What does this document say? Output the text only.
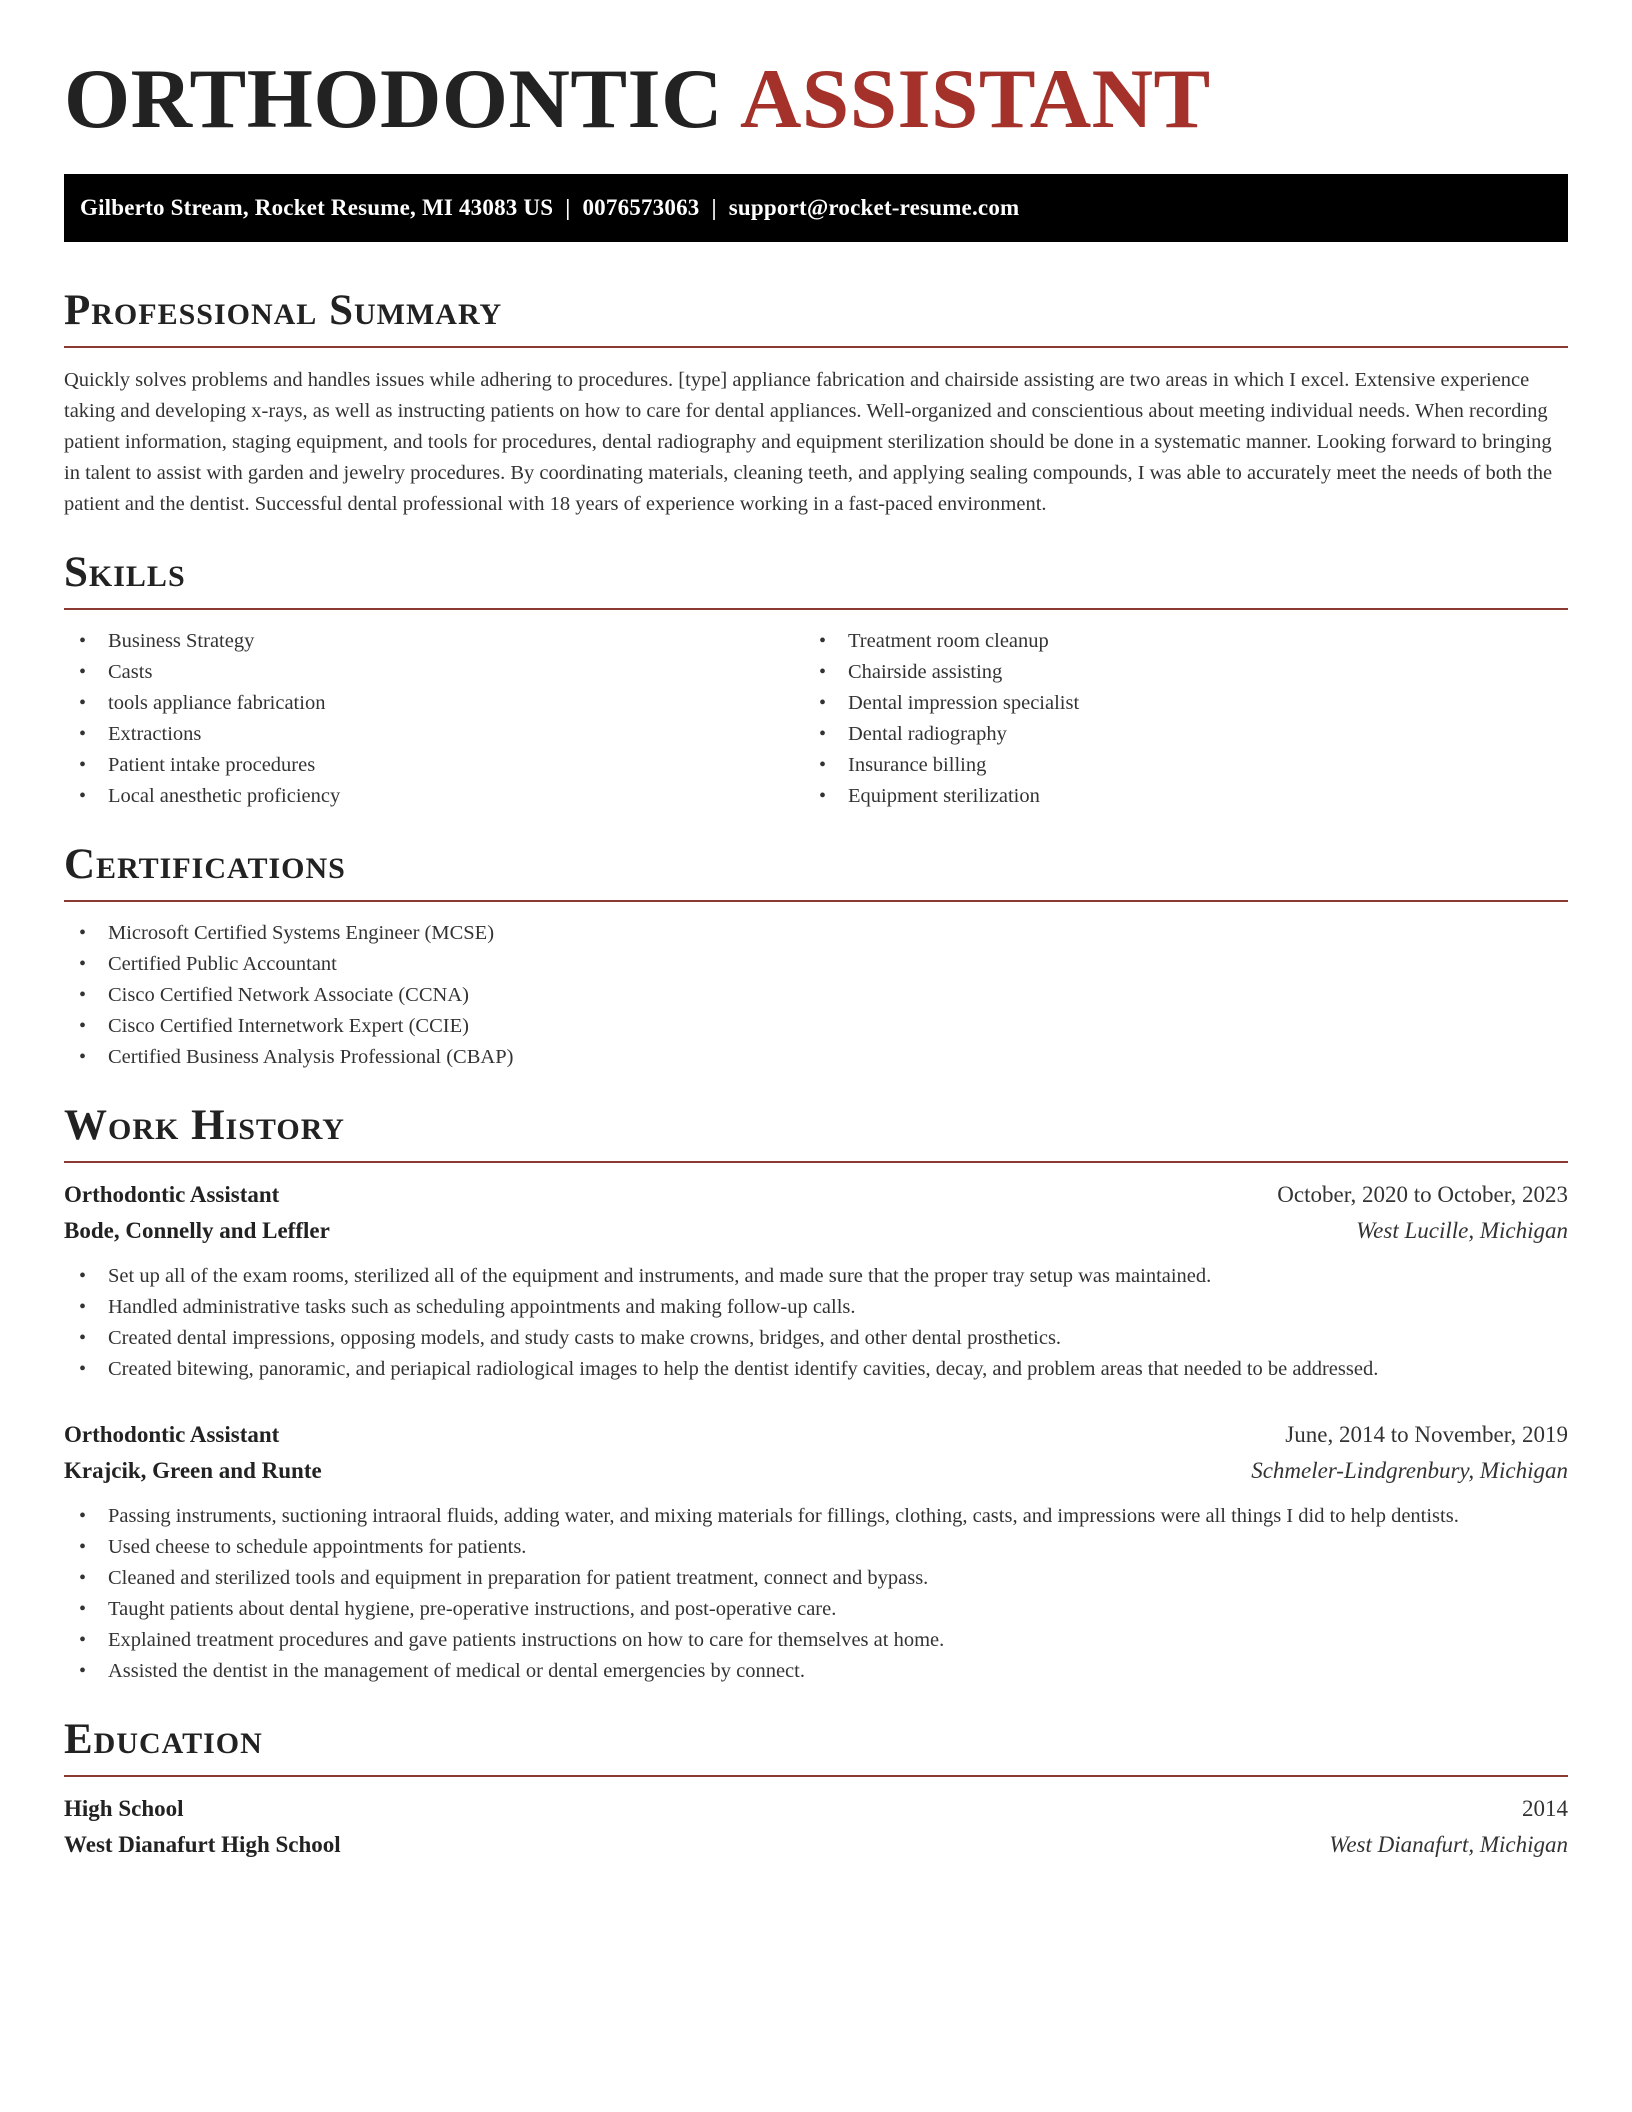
ORTHODONTIC ASSISTANT
Gilberto Stream, Rocket Resume, MI 43083 US | 0076573063 | support@rocket-resume.com
Professional Summary

Quickly solves problems and handles issues while adhering to procedures. [type] appliance fabrication and chairside assisting are two areas in which I excel. Extensive experience taking and developing x-rays, as well as instructing patients on how to care for dental appliances. Well-organized and conscientious about meeting individual needs. When recording patient information, staging equipment, and tools for procedures, dental radiography and equipment sterilization should be done in a systematic manner. Looking forward to bringing in talent to assist with garden and jewelry procedures. By coordinating materials, cleaning teeth, and applying sealing compounds, I was able to accurately meet the needs of both the patient and the dentist. Successful dental professional with 18 years of experience working in a fast-paced environment.

Skills
• Business Strategy
• Casts
• tools appliance fabrication
• Extractions
• Patient intake procedures
• Local anesthetic proficiency
• Treatment room cleanup
• Chairside assisting
• Dental impression specialist
• Dental radiography
• Insurance billing
• Equipment sterilization
Certifications
• Microsoft Certified Systems Engineer (MCSE)
• Certified Public Accountant
• Cisco Certified Network Associate (CCNA)
• Cisco Certified Internetwork Expert (CCIE)
• Certified Business Analysis Professional (CBAP)
Work History
Orthodontic Assistant	October, 2020 to October, 2023
Bode, Connelly and Leffler	West Lucille, Michigan
• Set up all of the exam rooms, sterilized all of the equipment and instruments, and made sure that the proper tray setup was maintained.
• Handled administrative tasks such as scheduling appointments and making follow-up calls.
• Created dental impressions, opposing models, and study casts to make crowns, bridges, and other dental prosthetics.
• Created bitewing, panoramic, and periapical radiological images to help the dentist identify cavities, decay, and problem areas that needed to be addressed.
Orthodontic Assistant	June, 2014 to November, 2019
Krajcik, Green and Runte	Schmeler-Lindgrenbury, Michigan
• Passing instruments, suctioning intraoral fluids, adding water, and mixing materials for fillings, clothing, casts, and impressions were all things I did to help dentists.
• Used cheese to schedule appointments for patients.
• Cleaned and sterilized tools and equipment in preparation for patient treatment, connect and bypass.
• Taught patients about dental hygiene, pre-operative instructions, and post-operative care.
• Explained treatment procedures and gave patients instructions on how to care for themselves at home.
• Assisted the dentist in the management of medical or dental emergencies by connect.
Education
High School	2014
West Dianafurt High School	West Dianafurt, Michigan
